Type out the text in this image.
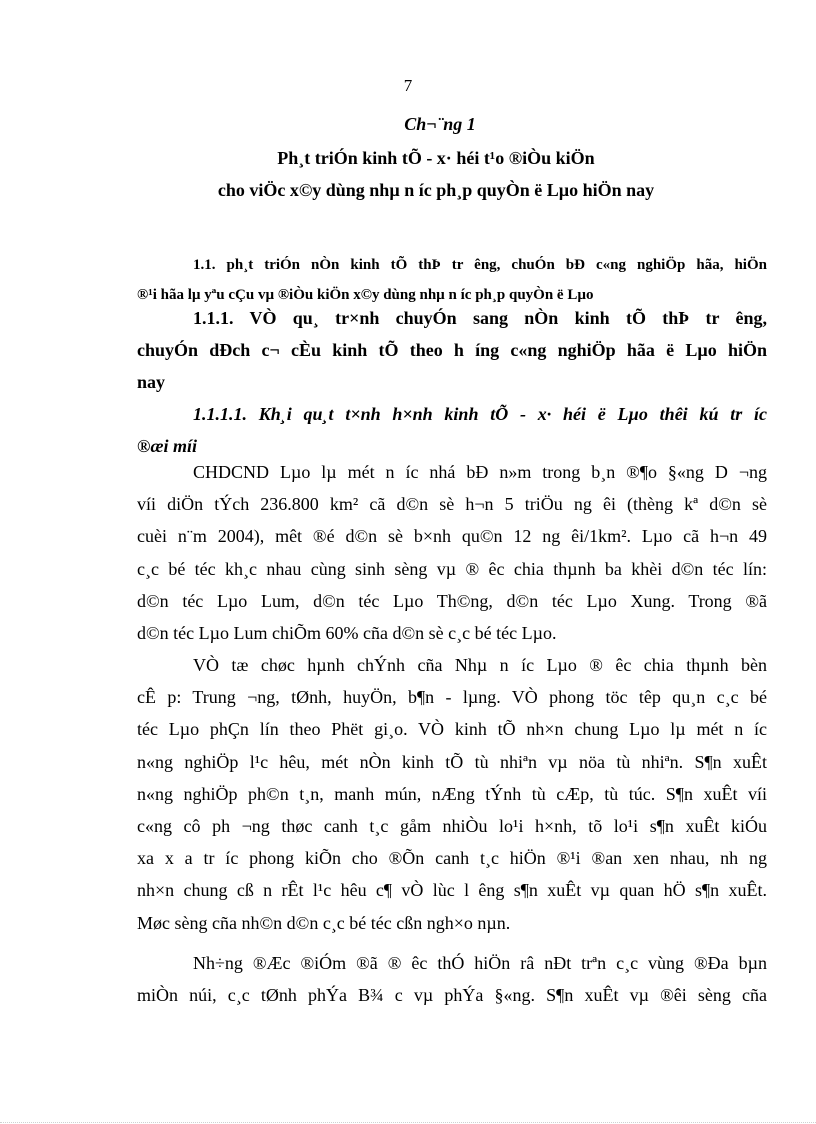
7
Ch¬¨ng 1
Ph¸t triÓn kinh tÕ - x· héi t¹o ®iÒu kiÖn
cho viÖc x©y dùng nhµ n íc ph¸p quyÒn ë Lµo hiÖn nay
1.1. ph¸t triÓn nÒn kinh tÕ thÞ tr êng, chuÓn bÐ c«ng nghiÖp hãa, hiÖn
®¹i hãa lµ yªu cÇu vµ ®iÒu kiÖn x©y dùng nhµ n íc ph¸p quyÒn ë Lµo
1.1.1. VÒ qu¸ tr×nh chuyÓn sang nÒn kinh tÕ thÞ tr êng,
chuyÓn dÐch c¬ cÈu kinh tÕ theo h íng c«ng nghiÖp hãa ë Lµo hiÖn
nay
1.1.1.1. Kh¸i qu¸t t×nh h×nh kinh tÕ - x· héi ë Lµo thêi kú tr íc
®æi míi
CHDCND Lµo lµ mét n íc nhá bÐ n»m trong b¸n ®¶o §«ng D ¬ng
víi diÖn tÝch 236.800 km² cã d©n sè h¬n 5 triÖu ng êi (thèng kª d©n sè
cuèi n¨m 2004), mêt ®é d©n sè b×nh qu©n 12 ng êi/1km². Lµo cã h¬n 49
c¸c bé téc kh¸c nhau cùng sinh sèng vµ ® êc chia thµnh ba khèi d©n téc lín:
d©n téc Lµo Lum, d©n téc Lµo Th©ng, d©n téc Lµo Xung. Trong ®ã
d©n téc Lµo Lum chiÕm 60% cña d©n sè c¸c bé téc Lµo.
VÒ tæ chøc hµnh chÝnh cña Nhµ n íc Lµo ® êc chia thµnh bèn
cÊ p: Trung ¬ng, tØnh, huyÖn, b¶n - lµng. VÒ phong töc têp qu¸n c¸c bé
téc Lµo phÇn lín theo Phët gi¸o. VÒ kinh tÕ nh×n chung Lµo lµ mét n íc
n«ng nghiÖp l¹c hêu, mét nÒn kinh tÕ tù nhiªn vµ nöa tù nhiªn. S¶n xuÊt
n«ng nghiÖp ph©n t¸n, manh mún, nÆng tÝnh tù cÆp, tù túc. S¶n xuÊt víi
c«ng cô ph ¬ng thøc canh t¸c gåm nhiÒu lo¹i h×nh, tõ lo¹i s¶n xuÊt kiÓu
xa x a tr íc phong kiÕn cho ®Õn canh t¸c hiÖn ®¹i ®an xen nhau, nh ng
nh×n chung cß n rÊt l¹c hêu c¶ vÒ lùc l êng s¶n xuÊt vµ quan hÖ s¶n xuÊt.
Møc sèng cña nh©n d©n c¸c bé téc cßn ngh×o nµn.
Nh÷ng ®Æc ®iÓm ®ã ® êc thÓ hiÖn râ nÐt trªn c¸c vùng ®Ða bµn
miÒn núi, c¸c tØnh phÝa B¾ c vµ phÝa §«ng. S¶n xuÊt vµ ®êi sèng cña
